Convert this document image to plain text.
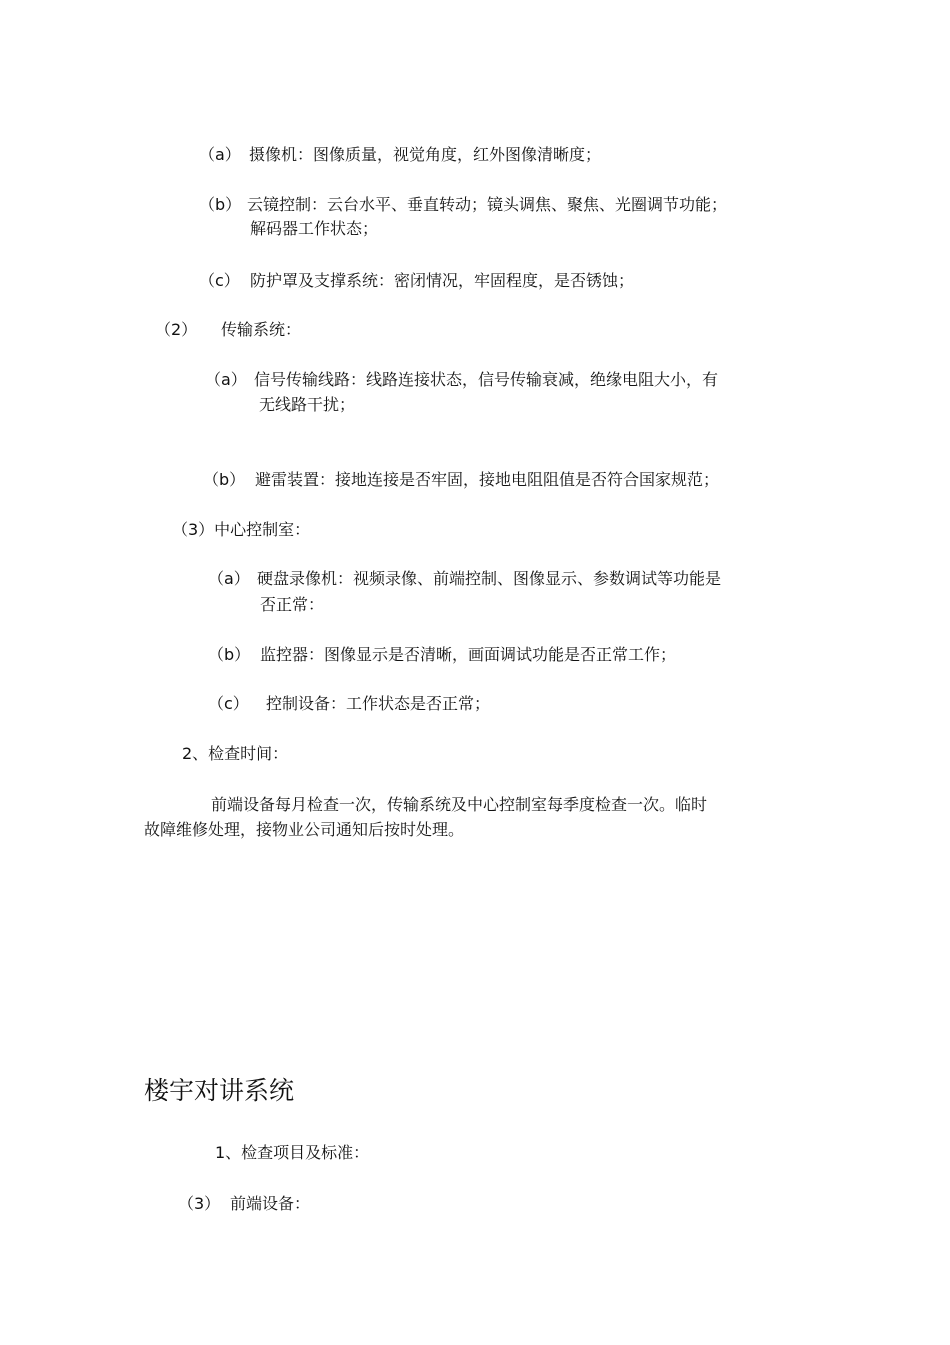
（a） 摄像机：图像质量，视觉角度，红外图像清晰度；
（b） 云镜控制：云台水平、垂直转动；镜头调焦、聚焦、光圈调节功能；
解码器工作状态；
（c） 防护罩及支撑系统：密闭情况，牢固程度，是否锈蚀；
（2） 传输系统：
（a） 信号传输线路：线路连接状态，信号传输衰减，绝缘电阻大小，有
无线路干扰；
（b） 避雷装置：接地连接是否牢固，接地电阻阻值是否符合国家规范；
（3）中心控制室：
（a） 硬盘录像机：视频录像、前端控制、图像显示、参数调试等功能是
否正常：
（b） 监控器：图像显示是否清晰，画面调试功能是否正常工作；
（c） 控制设备：工作状态是否正常；
2、检查时间：
前端设备每月检查一次，传输系统及中心控制室每季度检查一次。临时
故障维修处理，接物业公司通知后按时处理。
楼宇对讲系统
1、检查项目及标准：
（3） 前端设备：
